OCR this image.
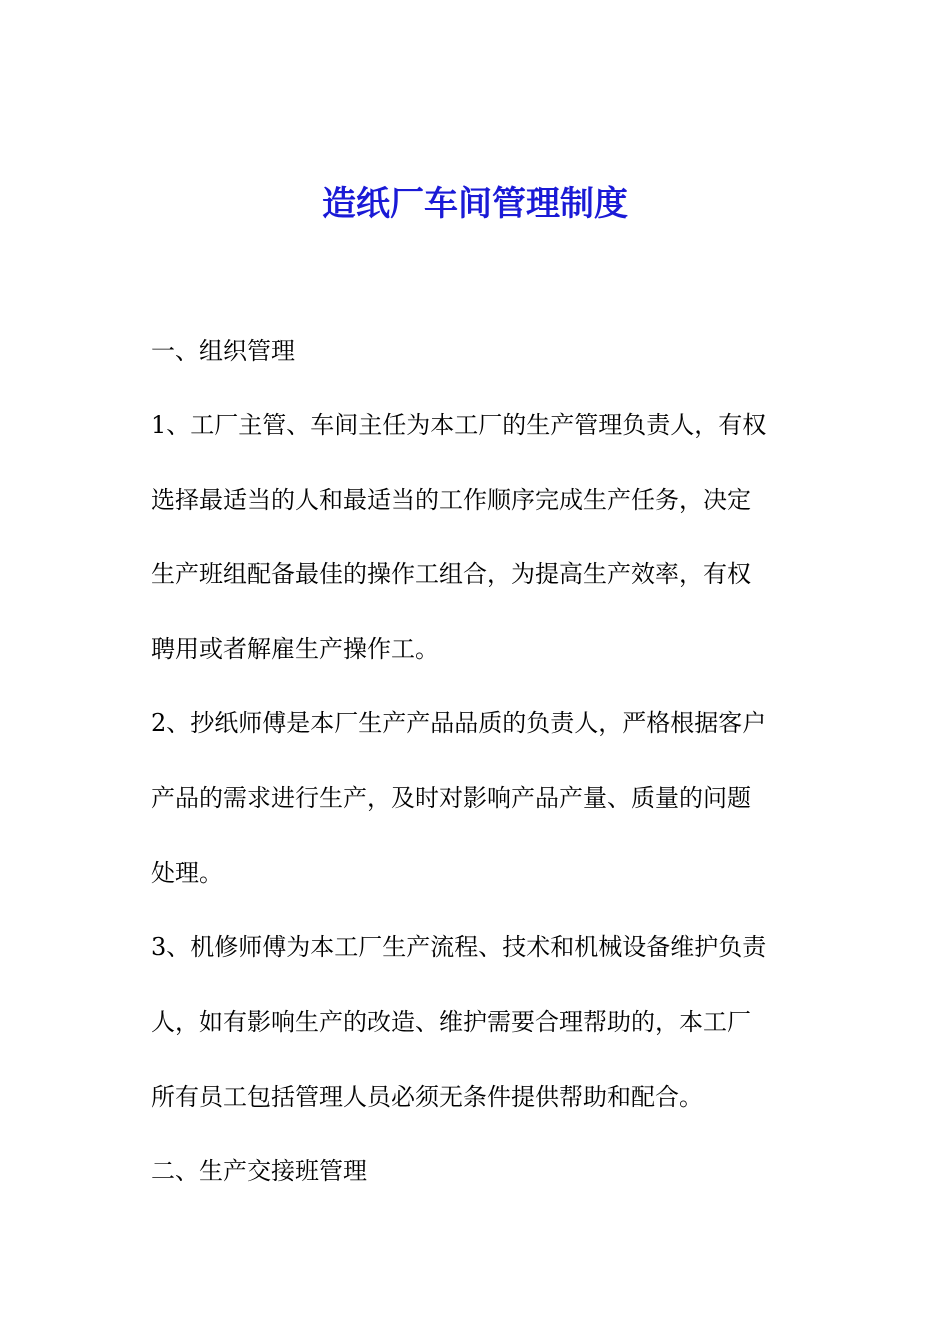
造纸厂车间管理制度

一、组织管理

1、工厂主管、车间主任为本工厂的生产管理负责人，有权

选择最适当的人和最适当的工作顺序完成生产任务，决定

生产班组配备最佳的操作工组合，为提高生产效率，有权

聘用或者解雇生产操作工。

2、抄纸师傅是本厂生产产品品质的负责人，严格根据客户

产品的需求进行生产，及时对影响产品产量、质量的问题

处理。

3、机修师傅为本工厂生产流程、技术和机械设备维护负责

人，如有影响生产的改造、维护需要合理帮助的，本工厂

所有员工包括管理人员必须无条件提供帮助和配合。

二、生产交接班管理
